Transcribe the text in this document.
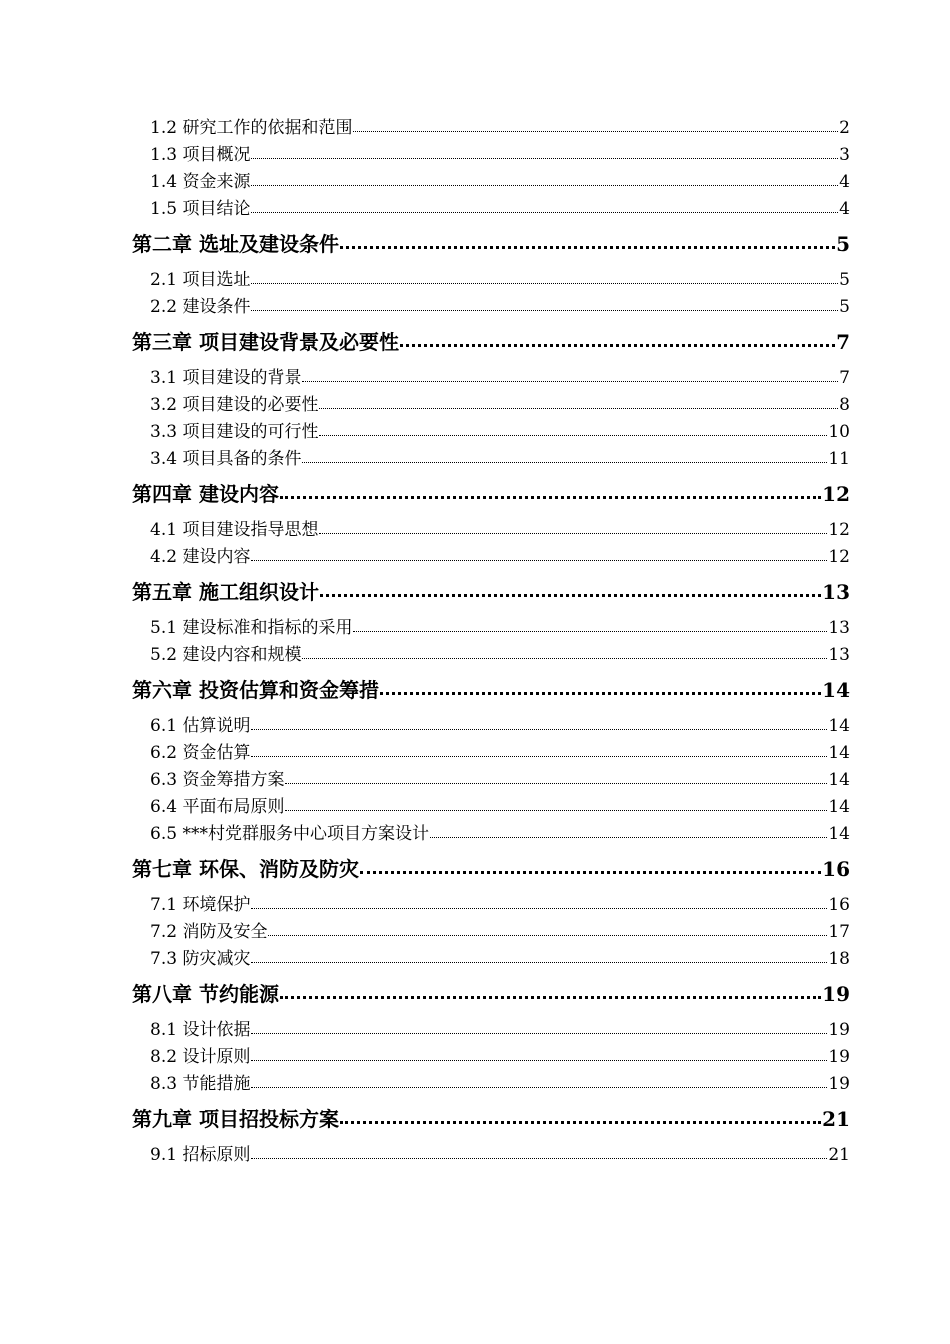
1.2 研究工作的依据和范围	2
1.3 项目概况	3
1.4 资金来源	4
1.5 项目结论	4
第二章 选址及建设条件	5
2.1 项目选址	5
2.2 建设条件	5
第三章 项目建设背景及必要性	7
3.1 项目建设的背景	7
3.2 项目建设的必要性	8
3.3 项目建设的可行性	10
3.4 项目具备的条件	11
第四章 建设内容	12
4.1 项目建设指导思想	12
4.2 建设内容	12
第五章 施工组织设计	13
5.1 建设标准和指标的采用	13
5.2 建设内容和规模	13
第六章 投资估算和资金筹措	14
6.1 估算说明	14
6.2 资金估算	14
6.3 资金筹措方案	14
6.4 平面布局原则	14
6.5 ***村党群服务中心项目方案设计	14
第七章 环保、消防及防灾	16
7.1 环境保护	16
7.2 消防及安全	17
7.3 防灾减灾	18
第八章 节约能源	19
8.1 设计依据	19
8.2 设计原则	19
8.3 节能措施	19
第九章 项目招投标方案	21
9.1 招标原则	21
